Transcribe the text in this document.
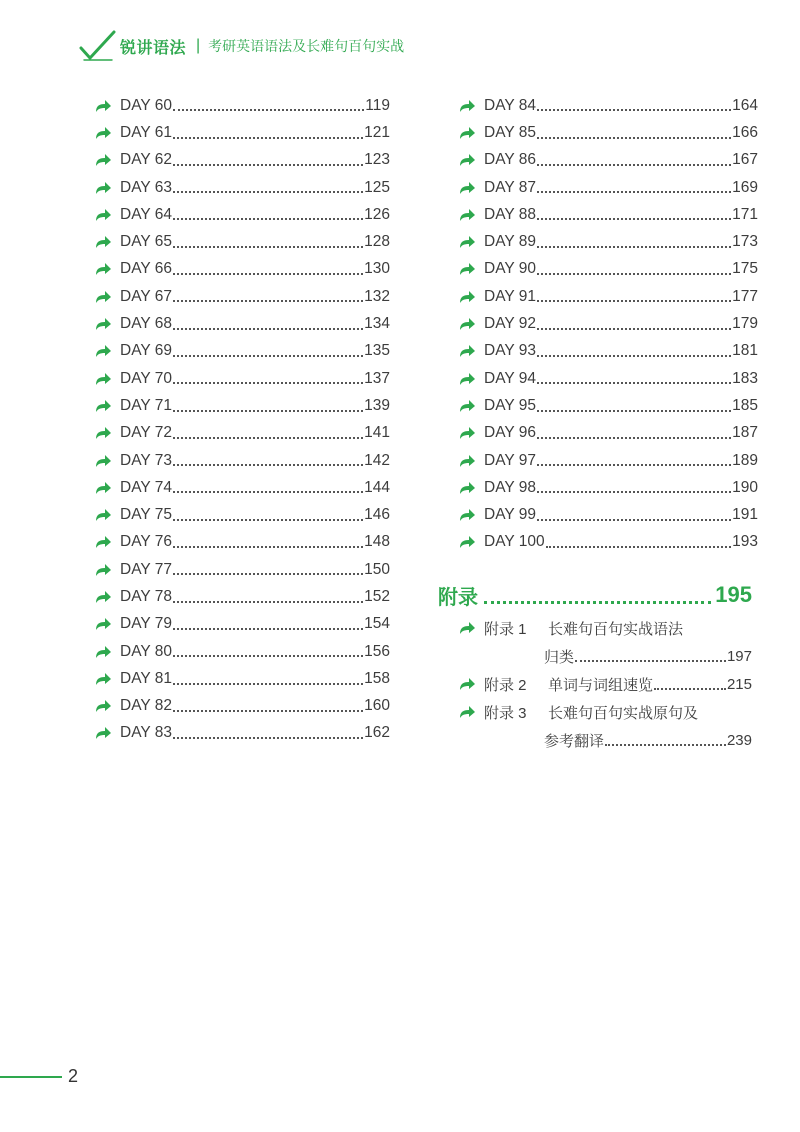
锐讲语法 | 考研英语语法及长难句百句实战
DAY 60	119
DAY 61	121
DAY 62	123
DAY 63	125
DAY 64	126
DAY 65	128
DAY 66	130
DAY 67	132
DAY 68	134
DAY 69	135
DAY 70	137
DAY 71	139
DAY 72	141
DAY 73	142
DAY 74	144
DAY 75	146
DAY 76	148
DAY 77	150
DAY 78	152
DAY 79	154
DAY 80	156
DAY 81	158
DAY 82	160
DAY 83	162
DAY 84	164
DAY 85	166
DAY 86	167
DAY 87	169
DAY 88	171
DAY 89	173
DAY 90	175
DAY 91	177
DAY 92	179
DAY 93	181
DAY 94	183
DAY 95	185
DAY 96	187
DAY 97	189
DAY 98	190
DAY 99	191
DAY 100	193
附录	195
附录 1	长难句百句实战语法
归类	197
附录 2	单词与词组速览	215
附录 3	长难句百句实战原句及
参考翻译	239
2
